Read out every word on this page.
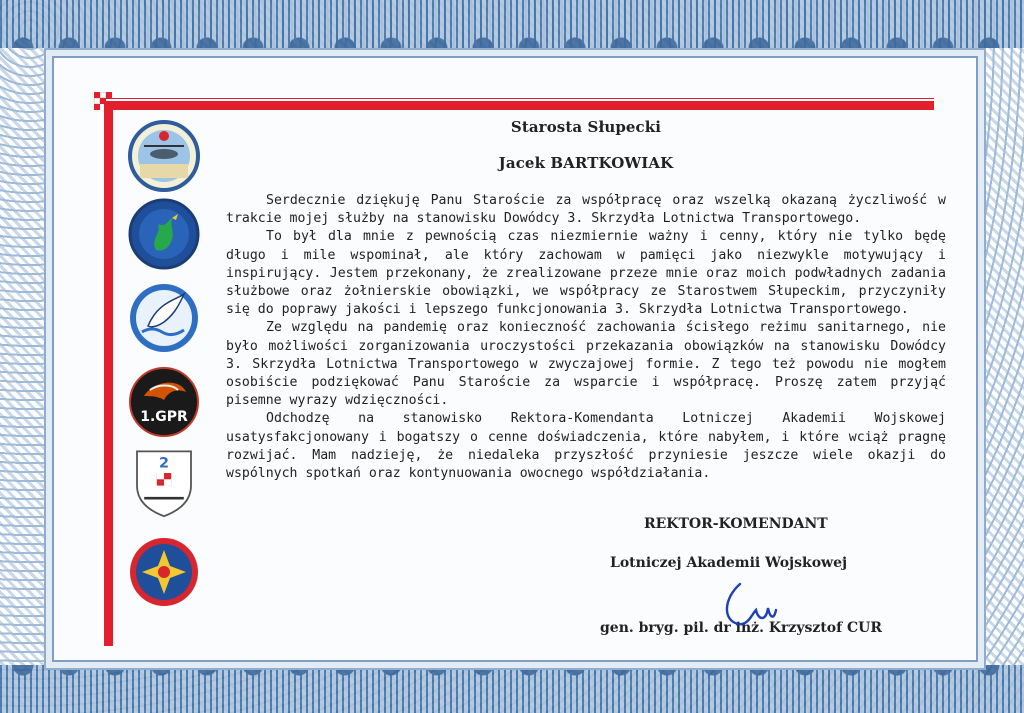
1.GPR
2

Starosta Słupecki

Jacek BARTKOWIAK

Serdecznie dziękuję Panu Staroście za współpracę oraz wszelką okazaną życzliwość w trakcie mojej służby na stanowisku Dowódcy 3. Skrzydła Lotnictwa Transportowego.

To był dla mnie z pewnością czas niezmiernie ważny i cenny, który nie tylko będę długo i mile wspominał, ale który zachowam w pamięci jako niezwykle motywujący i inspirujący. Jestem przekonany, że zrealizowane przeze mnie oraz moich podwładnych zadania służbowe oraz żołnierskie obowiązki, we współpracy ze Starostwem Słupeckim, przyczyniły się do poprawy jakości i lepszego funkcjonowania 3. Skrzydła Lotnictwa Transportowego.

Ze względu na pandemię oraz konieczność zachowania ścisłego reżimu sanitarnego, nie było możliwości zorganizowania uroczystości przekazania obowiązków na stanowisku Dowódcy 3. Skrzydła Lotnictwa Transportowego w zwyczajowej formie. Z tego też powodu nie mogłem osobiście podziękować Panu Staroście za wsparcie i współpracę. Proszę zatem przyjąć pisemne wyrazy wdzięczności.

Odchodzę na stanowisko Rektora-Komendanta Lotniczej Akademii Wojskowej usatysfakcjonowany i bogatszy o cenne doświadczenia, które nabyłem, i które wciąż pragnę rozwijać. Mam nadzieję, że niedaleka przyszłość przyniesie jeszcze wiele okazji do wspólnych spotkań oraz kontynuowania owocnego współdziałania.

REKTOR-KOMENDANT
Lotniczej Akademii Wojskowej
gen. bryg. pil. dr inż. Krzysztof CUR
